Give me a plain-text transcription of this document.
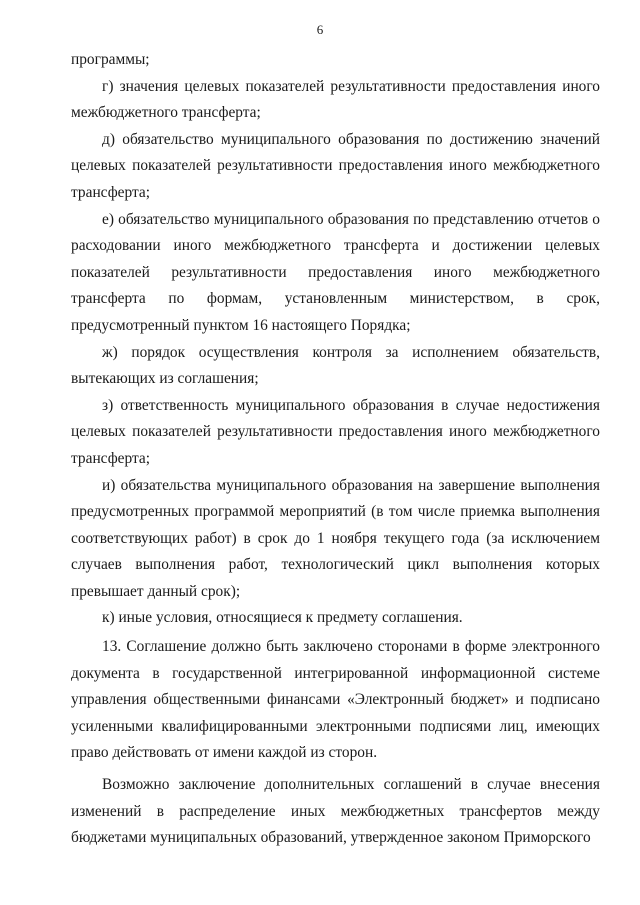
6

программы;

г) значения целевых показателей результативности предоставления иного межбюджетного трансферта;

д) обязательство муниципального образования по достижению значений целевых показателей результативности предоставления иного межбюджетного трансферта;

е) обязательство муниципального образования по представлению отчетов о расходовании иного межбюджетного трансферта и достижении целевых показателей результативности предоставления иного межбюджетного трансферта по формам, установленным министерством, в срок, предусмотренный пунктом 16 настоящего Порядка;

ж) порядок осуществления контроля за исполнением обязательств, вытекающих из соглашения;

з) ответственность муниципального образования в случае недостижения целевых показателей результативности предоставления иного межбюджетного трансферта;

и) обязательства муниципального образования на завершение выполнения предусмотренных программой мероприятий (в том числе приемка выполнения соответствующих работ) в срок до 1 ноября текущего года (за исключением случаев выполнения работ, технологический цикл выполнения которых превышает данный срок);

к) иные условия, относящиеся к предмету соглашения.

13. Соглашение должно быть заключено сторонами в форме электронного документа в государственной интегрированной информационной системе управления общественными финансами «Электронный бюджет» и подписано усиленными квалифицированными электронными подписями лиц, имеющих право действовать от имени каждой из сторон.

Возможно заключение дополнительных соглашений в случае внесения изменений в распределение иных межбюджетных трансфертов между бюджетами муниципальных образований, утвержденное законом Приморского
